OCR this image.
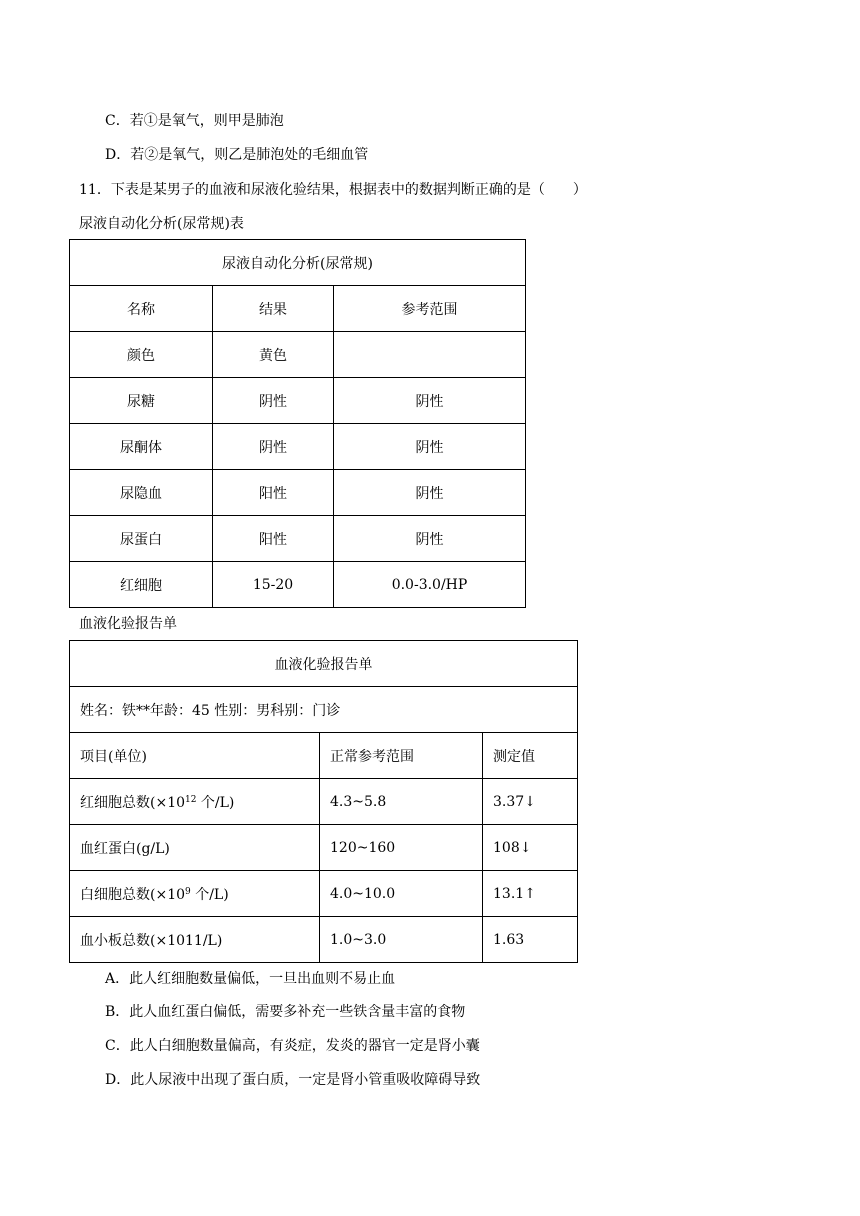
C．若①是氧气，则甲是肺泡
D．若②是氧气，则乙是肺泡处的毛细血管
11．下表是某男子的血液和尿液化验结果，根据表中的数据判断正确的是（　　）
尿液自动化分析(尿常规)表
尿液自动化分析(尿常规)		
名称	结果	参考范围
颜色	黄色	
尿糖	阴性	阴性
尿酮体	阴性	阴性
尿隐血	阳性	阴性
尿蛋白	阳性	阴性
红细胞	15-20	0.0-3.0/HP
血液化验报告单
血液化验报告单		
姓名：铁**年龄：45 性别：男科别：门诊		
项目(单位)	正常参考范围	测定值
红细胞总数($\times 10^{12}$ 个/L)	4.3~5.8	3.37↓
血红蛋白(g/L)	120~160	108↓
白细胞总数($\times 10^9$ 个/L)	4.0~10.0	13.1↑
血小板总数(×1011/L)	1.0~3.0	1.63
A．此人红细胞数量偏低，一旦出血则不易止血
B．此人血红蛋白偏低，需要多补充一些铁含量丰富的食物
C．此人白细胞数量偏高，有炎症，发炎的器官一定是肾小囊
D．此人尿液中出现了蛋白质，一定是肾小管重吸收障碍导致
